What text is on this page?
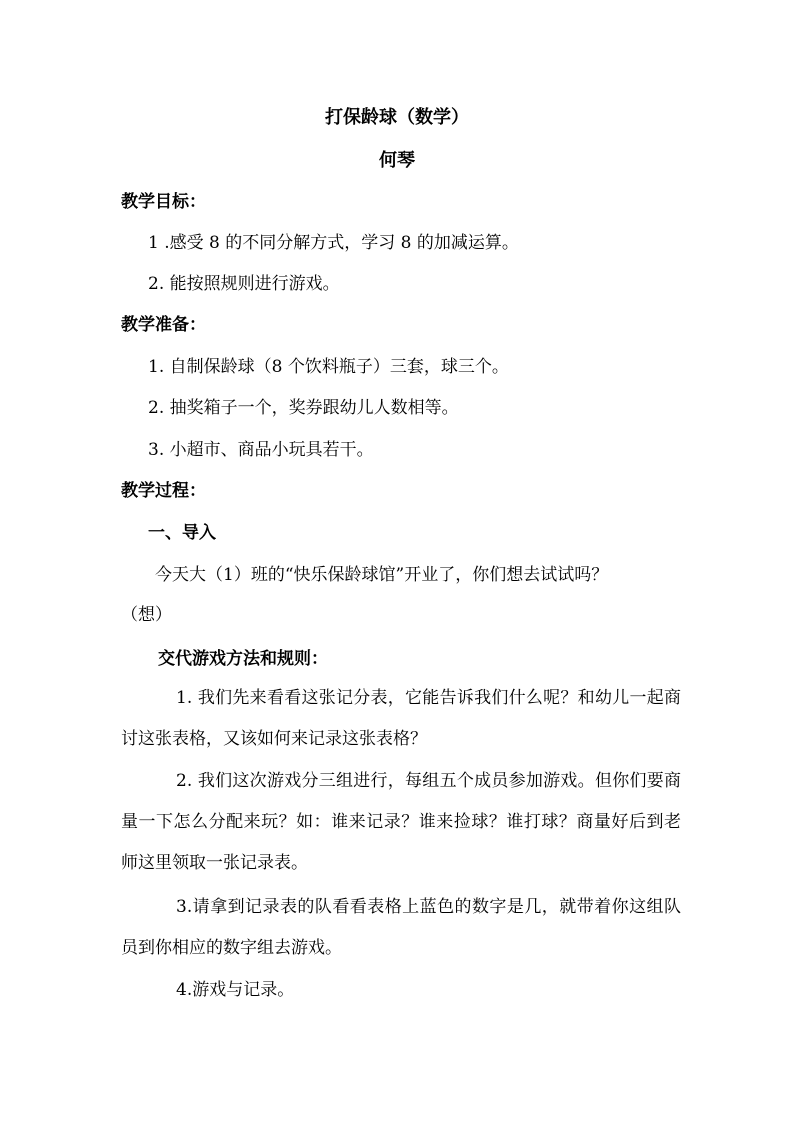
打保龄球（数学）
何琴
教学目标：
1 .感受 8 的不同分解方式，学习 8 的加减运算。
2. 能按照规则进行游戏。
教学准备：
1. 自制保龄球（8 个饮料瓶子）三套，球三个。
2. 抽奖箱子一个，奖券跟幼儿人数相等。
3. 小超市、商品小玩具若干。
教学过程：
一、导入
今天大（1）班的“快乐保龄球馆”开业了，你们想去试试吗？
（想）
交代游戏方法和规则：
1. 我们先来看看这张记分表，它能告诉我们什么呢？和幼儿一起商讨这张表格，又该如何来记录这张表格？
2. 我们这次游戏分三组进行，每组五个成员参加游戏。但你们要商量一下怎么分配来玩？如：谁来记录？谁来捡球？谁打球？商量好后到老师这里领取一张记录表。
3.请拿到记录表的队看看表格上蓝色的数字是几，就带着你这组队员到你相应的数字组去游戏。
4.游戏与记录。
